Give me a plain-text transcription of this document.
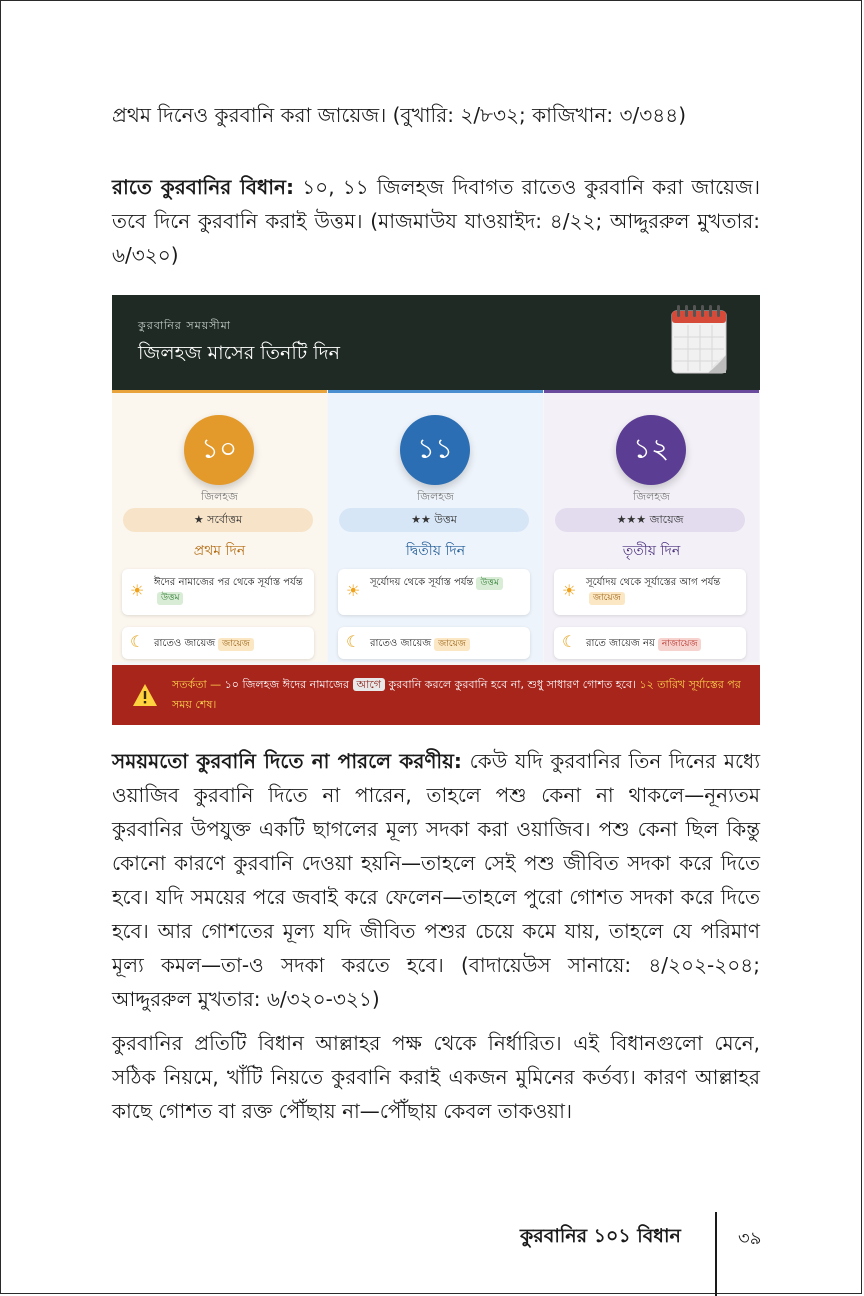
প্রথম দিনেও কুরবানি করা জায়েজ। (বুখারি: ২/৮৩২; কাজিখান: ৩/৩৪৪)

রাতে কুরবানির বিধান: ১০, ১১ জিলহজ দিবাগত রাতেও কুরবানি করা জায়েজ। তবে দিনে কুরবানি করাই উত্তম। (মাজমাউয যাওয়াইদ: ৪/২২; আদ্দুররুল মুখতার: ৬/৩২০)

কুরবানির সময়সীমা
জিলহজ মাসের তিনটি দিন
১০
জিলহজ
★ সর্বোত্তম
প্রথম দিন
☀ ঈদের নামাজের পর থেকে সূর্যাস্ত পর্যন্তউত্তম
☾ রাতেও জায়েজ জায়েজ
১১
জিলহজ
★★ উত্তম
দ্বিতীয় দিন
☀ সূর্যোদয় থেকে সূর্যাস্ত পর্যন্ত উত্তম
☾ রাতেও জায়েজ জায়েজ
১২
জিলহজ
★★★ জায়েজ
তৃতীয় দিন
☀ সূর্যোদয় থেকে সূর্যাস্তের আগ পর্যন্তজায়েজ
☾ রাতে জায়েজ নয় নাজায়েজ
সতর্কতা — ১০ জিলহজ ঈদের নামাজের আগে কুরবানি করলে কুরবানি হবে না, শুধু সাধারণ গোশত হবে। ১২ তারিখ সূর্যাস্তের পর সময় শেষ।

সময়মতো কুরবানি দিতে না পারলে করণীয়: কেউ যদি কুরবানির তিন দিনের মধ্যে ওয়াজিব কুরবানি দিতে না পারেন, তাহলে পশু কেনা না থাকলে—নূন্যতম কুরবানির উপযুক্ত একটি ছাগলের মূল্য সদকা করা ওয়াজিব। পশু কেনা ছিল কিন্তু কোনো কারণে কুরবানি দেওয়া হয়নি—তাহলে সেই পশু জীবিত সদকা করে দিতে হবে। যদি সময়ের পরে জবাই করে ফেলেন—তাহলে পুরো গোশত সদকা করে দিতে হবে। আর গোশতের মূল্য যদি জীবিত পশুর চেয়ে কমে যায়, তাহলে যে পরিমাণ মূল্য কমল—তা-ও সদকা করতে হবে। (বাদায়েউস সানায়ে: ৪/২০২-২০৪; আদ্দুররুল মুখতার: ৬/৩২০-৩২১)

কুরবানির প্রতিটি বিধান আল্লাহর পক্ষ থেকে নির্ধারিত। এই বিধানগুলো মেনে, সঠিক নিয়মে, খাঁটি নিয়তে কুরবানি করাই একজন মুমিনের কর্তব্য। কারণ আল্লাহর কাছে গোশত বা রক্ত পৌঁছায় না—পৌঁছায় কেবল তাকওয়া।

কুরবানির ১০১ বিধান	৩৯
